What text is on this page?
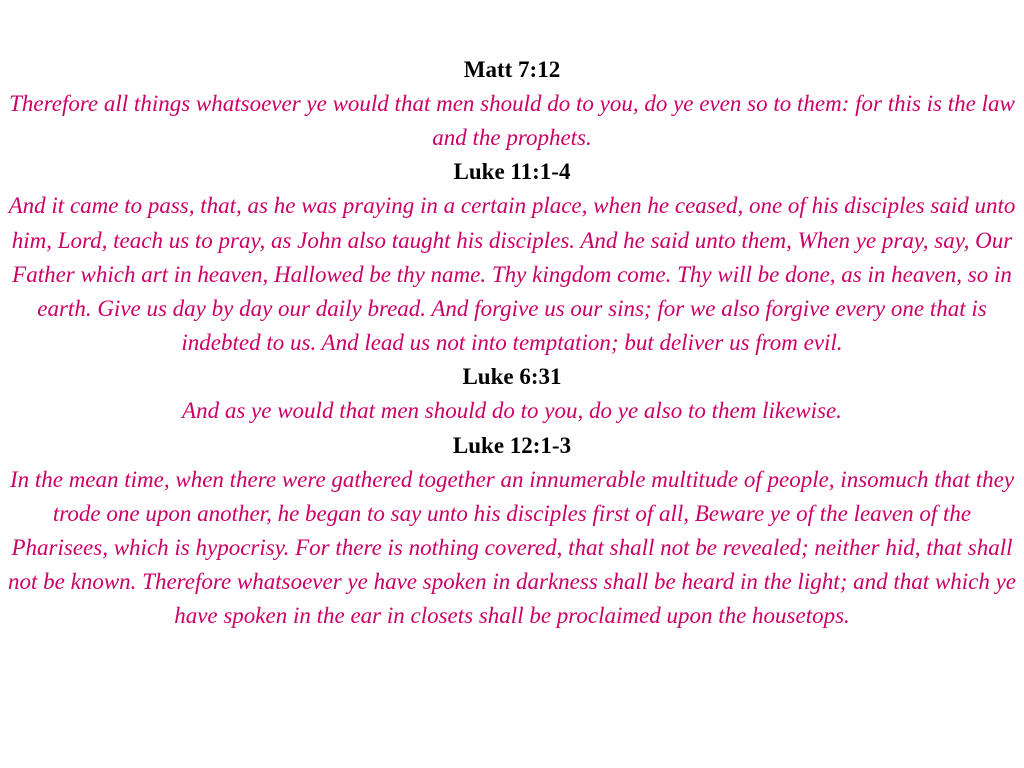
Matt 7:12

Therefore all things whatsoever ye would that men should do to you, do ye even so to them: for this is the law and the prophets.

Luke 11:1-4

And it came to pass, that, as he was praying in a certain place, when he ceased, one of his disciples said unto him, Lord, teach us to pray, as John also taught his disciples. And he said unto them, When ye pray, say, Our Father which art in heaven, Hallowed be thy name. Thy kingdom come. Thy will be done, as in heaven, so in earth. Give us day by day our daily bread. And forgive us our sins; for we also forgive every one that is indebted to us. And lead us not into temptation; but deliver us from evil.

Luke 6:31

And as ye would that men should do to you, do ye also to them likewise.

Luke 12:1-3

In the mean time, when there were gathered together an innumerable multitude of people, insomuch that they trode one upon another, he began to say unto his disciples first of all, Beware ye of the leaven of the Pharisees, which is hypocrisy. For there is nothing covered, that shall not be revealed; neither hid, that shall not be known. Therefore whatsoever ye have spoken in darkness shall be heard in the light; and that which ye have spoken in the ear in closets shall be proclaimed upon the housetops.
